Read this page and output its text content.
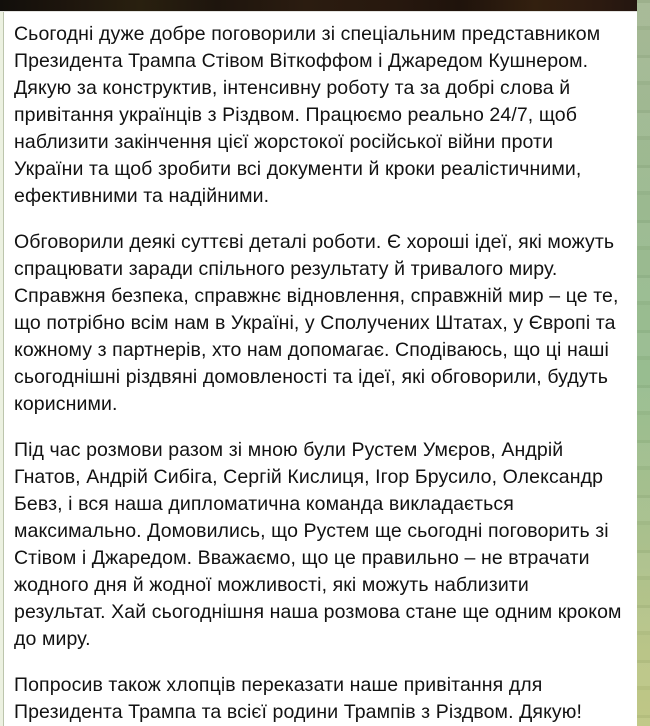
Сьогодні дуже добре поговорили зі спеціальним представником Президента Трампа Стівом Віткоффом і Джаредом Кушнером. Дякую за конструктив, інтенсивну роботу та за добрі слова й привітання українців з Різдвом. Працюємо реально 24/7, щоб наблизити закінчення цієї жорстокої російської війни проти України та щоб зробити всі документи й кроки реалістичними, ефективними та надійними.

Обговорили деякі суттєві деталі роботи. Є хороші ідеї, які можуть спрацювати заради спільного результату й тривалого миру. Справжня безпека, справжнє відновлення, справжній мир – це те, що потрібно всім нам в Україні, у Сполучених Штатах, у Європі та кожному з партнерів, хто нам допомагає. Сподіваюсь, що ці наші сьогоднішні різдвяні домовленості та ідеї, які обговорили, будуть корисними.

Під час розмови разом зі мною були Рустем Умєров, Андрій Гнатов, Андрій Сибіга, Сергій Кислиця, Ігор Брусило, Олександр Бевз, і вся наша дипломатична команда викладається максимально. Домовились, що Рустем ще сьогодні поговорить зі Стівом і Джаредом. Вважаємо, що це правильно – не втрачати жодного дня й жодної можливості, які можуть наблизити результат. Хай сьогоднішня наша розмова стане ще одним кроком до миру.

Попросив також хлопців переказати наше привітання для Президента Трампа та всієї родини Трампів з Різдвом. Дякую!
